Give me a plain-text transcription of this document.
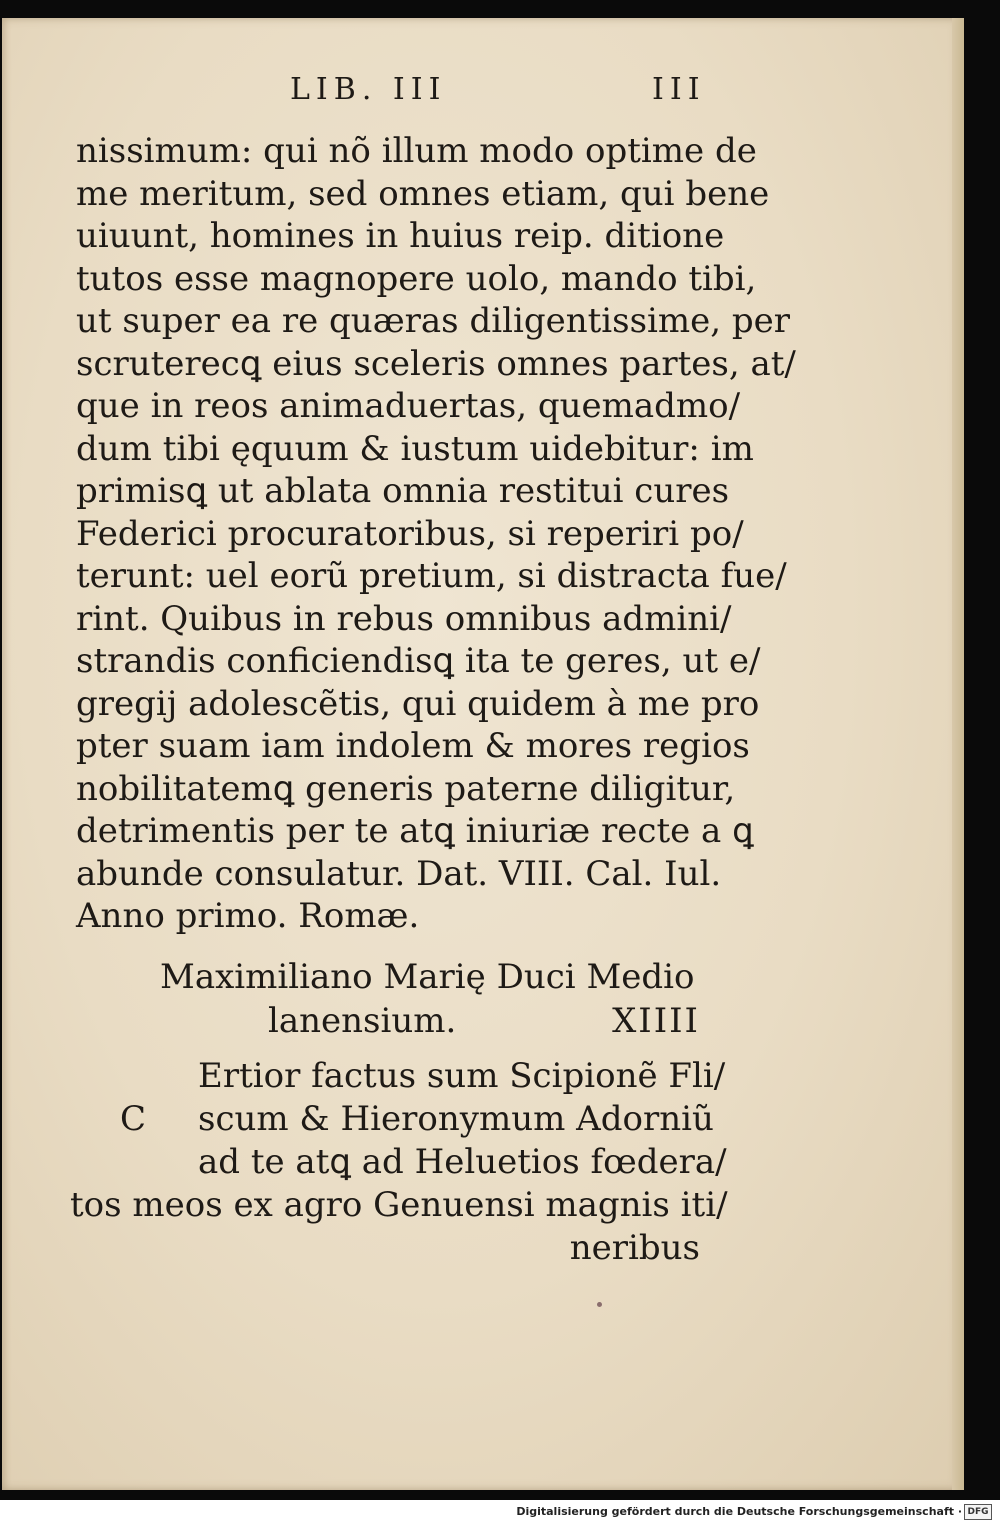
LIB. III	III
nissimum: qui nõ illum modo optime de
me meritum, sed omnes etiam, qui bene
uiuunt, homines in huius reip. ditione
tutos esse magnopere uolo, mando tibi,
ut super ea re quæras diligentissime, per
scruterecꝗ eius sceleris omnes partes, at/
que in reos animaduertas, quemadmo/
dum tibi ęquum & iustum uidebitur: im
primisꝗ ut ablata omnia restitui cures
Federici procuratoribus, si reperiri po/
terunt: uel eorũ pretium, si distracta fue/
rint. Quibus in rebus omnibus admini/
strandis conficiendisꝗ ita te geres, ut e/
gregij adolescẽtis, qui quidem à me pro
pter suam iam indolem & mores regios
nobilitatemꝗ generis paterne diligitur,
detrimentis per te atꝗ iniuriæ recte a ꝗ
abunde consulatur. Dat. VIII. Cal. Iul.
Anno primo. Romæ.
Maximiliano Marię Duci Medio
lanensium.	XIIII
Ertior factus sum Scipionẽ Fli/
C scum & Hieronymum Adorniũ
ad te atꝗ ad Heluetios fœdera/
tos meos ex agro Genuensi magnis iti/
neribus
Digitalisierung gefördert durch die Deutsche Forschungsgemeinschaft · DFG
